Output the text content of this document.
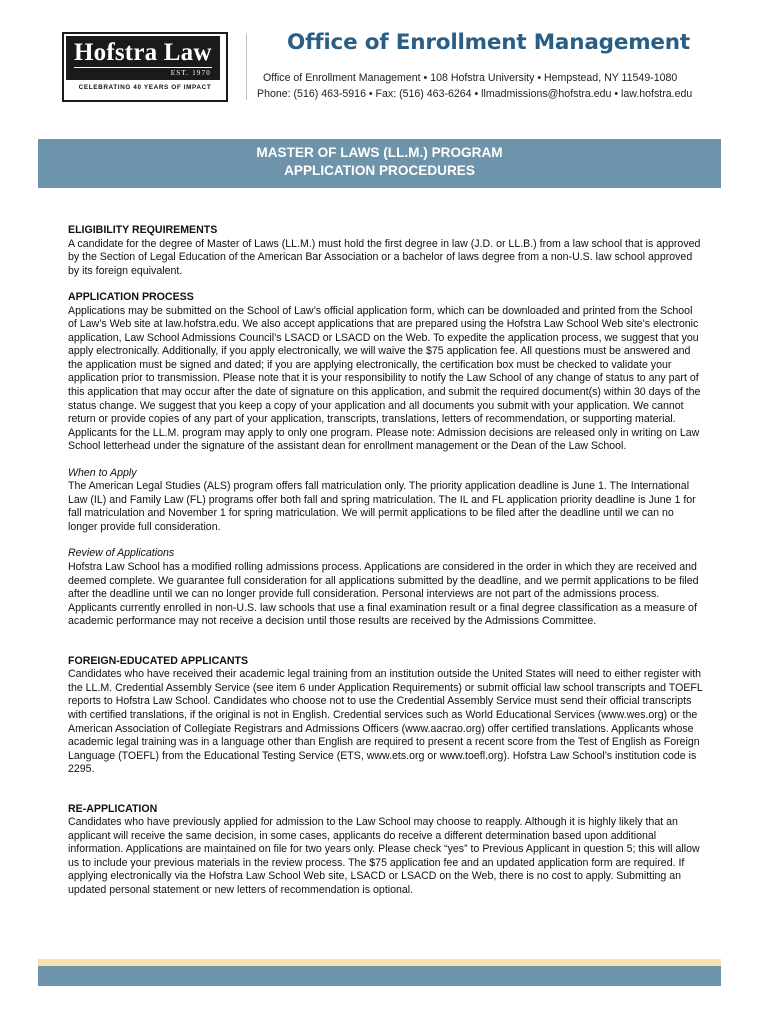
Hofstra Law
EST. 1970
CELEBRATING 40 YEARS OF IMPACT
Office of Enrollment Management
Office of Enrollment Management • 108 Hofstra University • Hempstead, NY 11549-1080
Phone: (516) 463-5916 • Fax: (516) 463-6264 • llmadmissions@hofstra.edu • law.hofstra.edu
MASTER OF LAWS (LL.M.) PROGRAM
APPLICATION PROCEDURES
ELIGIBILITY REQUIREMENTS
A candidate for the degree of Master of Laws (LL.M.) must hold the first degree in law (J.D. or LL.B.) from a law school that is approved by the Section of Legal Education of the American Bar Association or a bachelor of laws degree from a non-U.S. law school approved by its foreign equivalent.
APPLICATION PROCESS
Applications may be submitted on the School of Law’s official application form, which can be downloaded and printed from the School of Law’s Web site at law.hofstra.edu. We also accept applications that are prepared using the Hofstra Law School Web site’s electronic application, Law School Admissions Council’s LSACD or LSACD on the Web. To expedite the application process, we suggest that you apply electronically. Additionally, if you apply electronically, we will waive the $75 application fee. All questions must be answered and the application must be signed and dated; if you are applying electronically, the certification box must be checked to validate your application prior to transmission. Please note that it is your responsibility to notify the Law School of any change of status to any part of this application that may occur after the date of signature on this application, and submit the required document(s) within 30 days of the status change. We suggest that you keep a copy of your application and all documents you submit with your application. We cannot return or provide copies of any part of your application, transcripts, translations, letters of recommendation, or supporting material. Applicants for the LL.M. program may apply to only one program. Please note: Admission decisions are released only in writing on Law School letterhead under the signature of the assistant dean for enrollment management or the Dean of the Law School.
When to Apply
The American Legal Studies (ALS) program offers fall matriculation only. The priority application deadline is June 1. The International Law (IL) and Family Law (FL) programs offer both fall and spring matriculation. The IL and FL application priority deadline is June 1 for fall matriculation and November 1 for spring matriculation. We will permit applications to be filed after the deadline until we can no longer provide full consideration.
Review of Applications
Hofstra Law School has a modified rolling admissions process. Applications are considered in the order in which they are received and deemed complete. We guarantee full consideration for all applications submitted by the deadline, and we permit applications to be filed after the deadline until we can no longer provide full consideration. Personal interviews are not part of the admissions process. Applicants currently enrolled in non-U.S. law schools that use a final examination result or a final degree classification as a measure of academic performance may not receive a decision until those results are received by the Admissions Committee.
FOREIGN-EDUCATED APPLICANTS
Candidates who have received their academic legal training from an institution outside the United States will need to either register with the LL.M. Credential Assembly Service (see item 6 under Application Requirements) or submit official law school transcripts and TOEFL reports to Hofstra Law School. Candidates who choose not to use the Credential Assembly Service must send their official transcripts with certified translations, if the original is not in English. Credential services such as World Educational Services (www.wes.org) or the American Association of Collegiate Registrars and Admissions Officers (www.aacrao.org) offer certified translations. Applicants whose academic legal training was in a language other than English are required to present a recent score from the Test of English as Foreign Language (TOEFL) from the Educational Testing Service (ETS, www.ets.org or www.toefl.org). Hofstra Law School’s institution code is 2295.
RE-APPLICATION
Candidates who have previously applied for admission to the Law School may choose to reapply. Although it is highly likely that an applicant will receive the same decision, in some cases, applicants do receive a different determination based upon additional information. Applications are maintained on file for two years only. Please check “yes” to Previous Applicant in question 5; this will allow us to include your previous materials in the review process. The $75 application fee and an updated application form are required. If applying electronically via the Hofstra Law School Web site, LSACD or LSACD on the Web, there is no cost to apply. Submitting an updated personal statement or new letters of recommendation is optional.
